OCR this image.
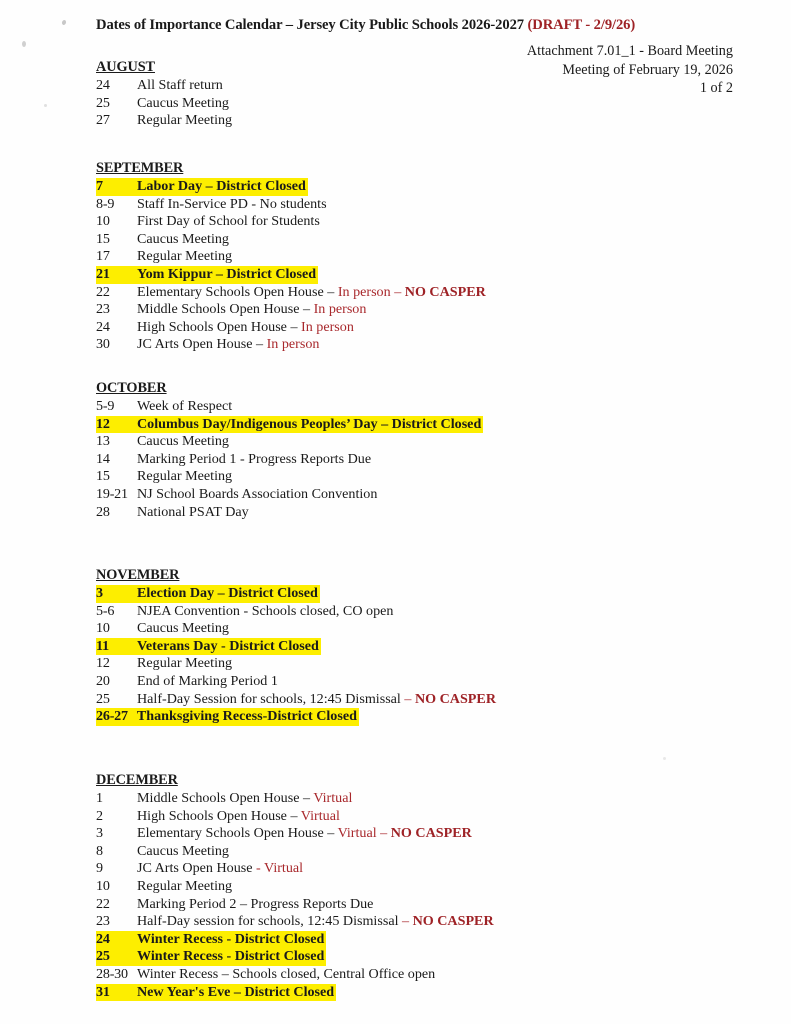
Dates of Importance Calendar – Jersey City Public Schools 2026-2027 (DRAFT - 2/9/26)
Attachment 7.01_1 - Board Meeting
Meeting of February 19, 2026
1 of 2
AUGUST
24	All Staff return
25	Caucus Meeting
27	Regular Meeting
SEPTEMBER
7	Labor Day – District Closed
8-9	Staff In-Service PD - No students
10	First Day of School for Students
15	Caucus Meeting
17	Regular Meeting
21	Yom Kippur – District Closed
22	Elementary Schools Open House – In person – NO CASPER
23	Middle Schools Open House – In person
24	High Schools Open House – In person
30	JC Arts Open House – In person
OCTOBER
5-9	Week of Respect
12	Columbus Day/Indigenous Peoples’ Day – District Closed
13	Caucus Meeting
14	Marking Period 1 - Progress Reports Due
15	Regular Meeting
19-21 NJ School Boards Association Convention
28	National PSAT Day
NOVEMBER
3	Election Day – District Closed
5-6	NJEA Convention - Schools closed, CO open
10	Caucus Meeting
11	Veterans Day - District Closed
12	Regular Meeting
20	End of Marking Period 1
25	Half-Day Session for schools, 12:45 Dismissal – NO CASPER
26-27 Thanksgiving Recess-District Closed
DECEMBER
1	Middle Schools Open House – Virtual
2	High Schools Open House – Virtual
3	Elementary Schools Open House – Virtual – NO CASPER
8	Caucus Meeting
9	JC Arts Open House - Virtual
10	Regular Meeting
22	Marking Period 2 – Progress Reports Due
23	Half-Day session for schools, 12:45 Dismissal – NO CASPER
24	Winter Recess - District Closed
25	Winter Recess - District Closed
28-30 Winter Recess – Schools closed, Central Office open
31	New Year's Eve – District Closed
